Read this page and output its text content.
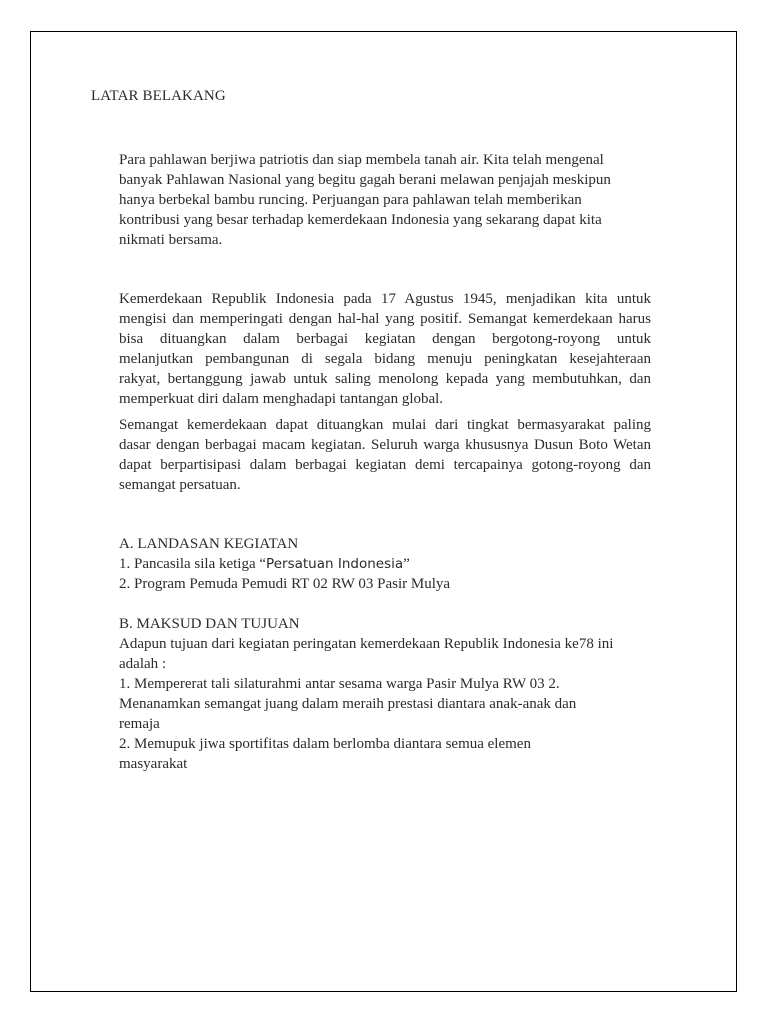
LATAR BELAKANG
Para pahlawan berjiwa patriotis dan siap membela tanah air. Kita telah mengenal
banyak Pahlawan Nasional yang begitu gagah berani melawan penjajah meskipun
hanya berbekal bambu runcing. Perjuangan para pahlawan telah memberikan
kontribusi yang besar terhadap kemerdekaan Indonesia yang sekarang dapat kita
nikmati bersama.
Kemerdekaan Republik Indonesia pada 17 Agustus 1945, menjadikan kita untuk
mengisi dan memperingati dengan hal-hal yang positif. Semangat kemerdekaan harus
bisa dituangkan dalam berbagai kegiatan dengan bergotong-royong untuk
melanjutkan pembangunan di segala bidang menuju peningkatan kesejahteraan
rakyat, bertanggung jawab untuk saling menolong kepada yang membutuhkan, dan
memperkuat diri dalam menghadapi tantangan global.
Semangat kemerdekaan dapat dituangkan mulai dari tingkat bermasyarakat paling
dasar dengan berbagai macam kegiatan. Seluruh warga khususnya Dusun Boto Wetan
dapat berpartisipasi dalam berbagai kegiatan demi tercapainya gotong-royong dan
semangat persatuan.
A. LANDASAN KEGIATAN
1. Pancasila sila ketiga “Persatuan Indonesia”
2. Program Pemuda Pemudi RT 02 RW 03 Pasir Mulya
B. MAKSUD DAN TUJUAN
Adapun tujuan dari kegiatan peringatan kemerdekaan Republik Indonesia ke78 ini
adalah :
1. Mempererat tali silaturahmi antar sesama warga Pasir Mulya RW 03 2.
Menanamkan semangat juang dalam meraih prestasi diantara anak-anak dan
remaja
2. Memupuk jiwa sportifitas dalam berlomba diantara semua elemen
masyarakat
